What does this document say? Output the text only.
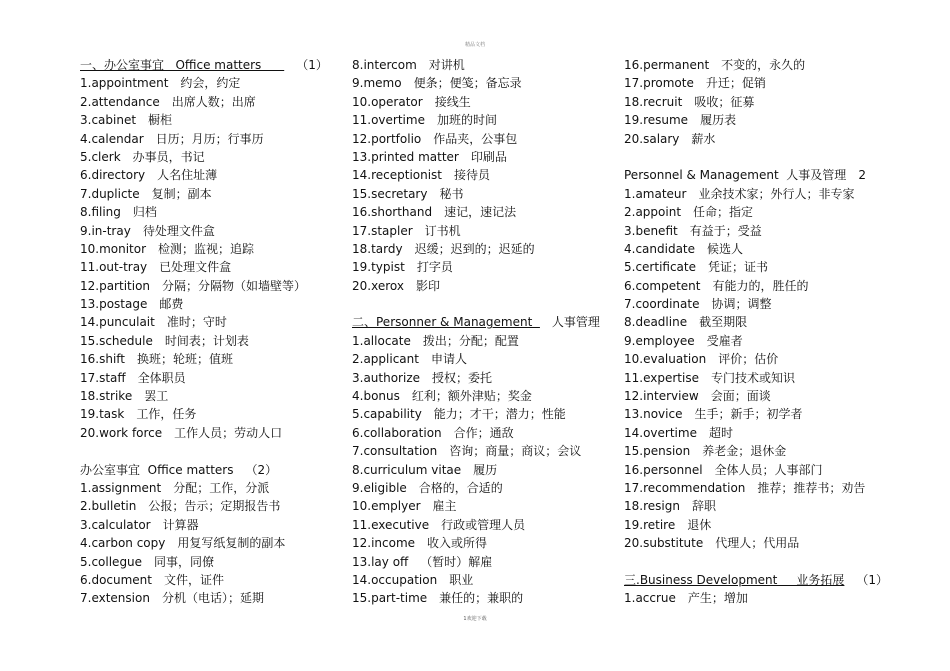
精品文档
一、办公室事宜   Office matters      （1）
1.appointment 约会，约定
2.attendance 出席人数；出席
3.cabinet 橱柜
4.calendar 日历；月历；行事历
5.clerk 办事员，书记
6.directory 人名住址薄
7.duplicte 复制；副本
8.filing 归档
9.in-tray 待处理文件盒
10.monitor 检测；监视；追踪
11.out-tray 已处理文件盒
12.partition 分隔；分隔物（如墙壁等）
13.postage 邮费
14.punculait 准时；守时
15.schedule 时间表；计划表
16.shift 换班；轮班；值班
17.staff 全体职员
18.strike 罢工
19.task 工作，任务
20.work force 工作人员；劳动人口
办公室事宜  Office matters （2）
1.assignment 分配；工作，分派
2.bulletin 公报；告示；定期报告书
3.calculator 计算器
4.carbon copy 用复写纸复制的副本
5.collegue 同事，同僚
6.document 文件，证件
7.extension 分机（电话）；延期
8.intercom 对讲机
9.memo 便条；便笺；备忘录
10.operator 接线生
11.overtime 加班的时间
12.portfolio 作品夹，公事包
13.printed matter 印刷品
14.receptionist 接待员
15.secretary 秘书
16.shorthand 速记，速记法
17.stapler 订书机
18.tardy 迟缓；迟到的；迟延的
19.typist 打字员
20.xerox 影印
二、Personner & Management  人事管理
1.allocate 拨出；分配；配置
2.applicant 申请人
3.authorize 授权；委托
4.bonus 红利；额外津贴；奖金
5.capability 能力；才干；潜力；性能
6.collaboration 合作；通敌
7.consultation 咨询；商量；商议；会议
8.curriculum vitae 履历
9.eligible 合格的，合适的
10.emplyer 雇主
11.executive 行政或管理人员
12.income 收入或所得
13.lay off （暂时）解雇
14.occupation 职业
15.part-time 兼任的；兼职的
16.permanent 不变的，永久的
17.promote 升迁；促销
18.recruit 吸收；征募
19.resume 履历表
20.salary 薪水
Personnel & Management  人事及管理 2
1.amateur 业余技术家；外行人；非专家
2.appoint 任命；指定
3.benefit 有益于；受益
4.candidate 候选人
5.certificate 凭证；证书
6.competent 有能力的，胜任的
7.coordinate 协调；调整
8.deadline 截至期限
9.employee 受雇者
10.evaluation 评价；估价
11.expertise 专门技术或知识
12.interview 会面；面谈
13.novice 生手；新手；初学者
14.overtime 超时
15.pension 养老金；退休金
16.personnel 全体人员；人事部门
17.recommendation 推荐；推荐书；劝告
18.resign 辞职
19.retire 退休
20.substitute 代理人；代用品
三.Business Development     业务拓展 （1）
1.accrue 产生；增加
1欢迎下载
